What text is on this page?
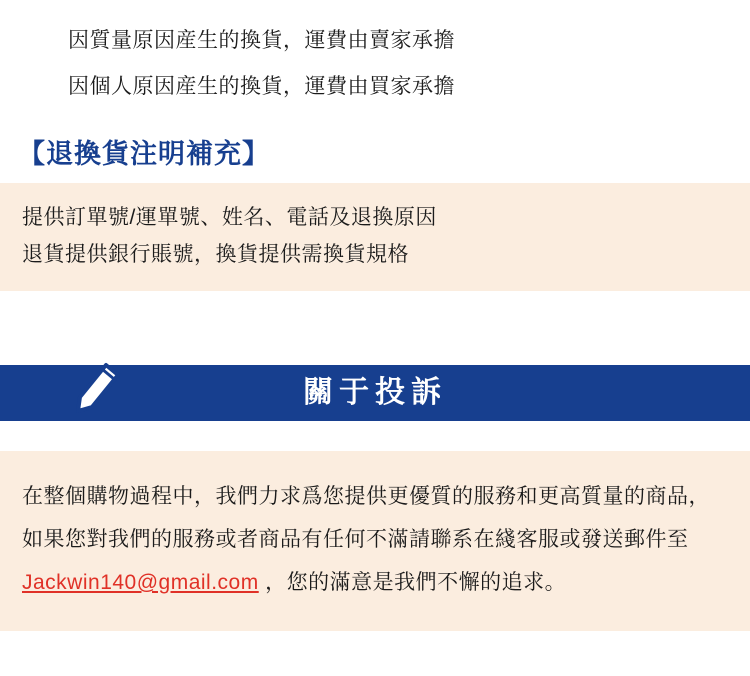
因質量原因産生的換貨，運費由賣家承擔
因個人原因産生的換貨，運費由買家承擔
【退換貨注明補充】
提供訂單號/運單號、姓名、電話及退換原因
退貨提供銀行賬號，換貨提供需換貨規格
關于投訴
在整個購物過程中，我們力求爲您提供更優質的服務和更高質量的商品，如果您對我們的服務或者商品有任何不滿請聯系在綫客服或發送郵件至 Jackwin140@gmail.com ，您的滿意是我們不懈的追求。
